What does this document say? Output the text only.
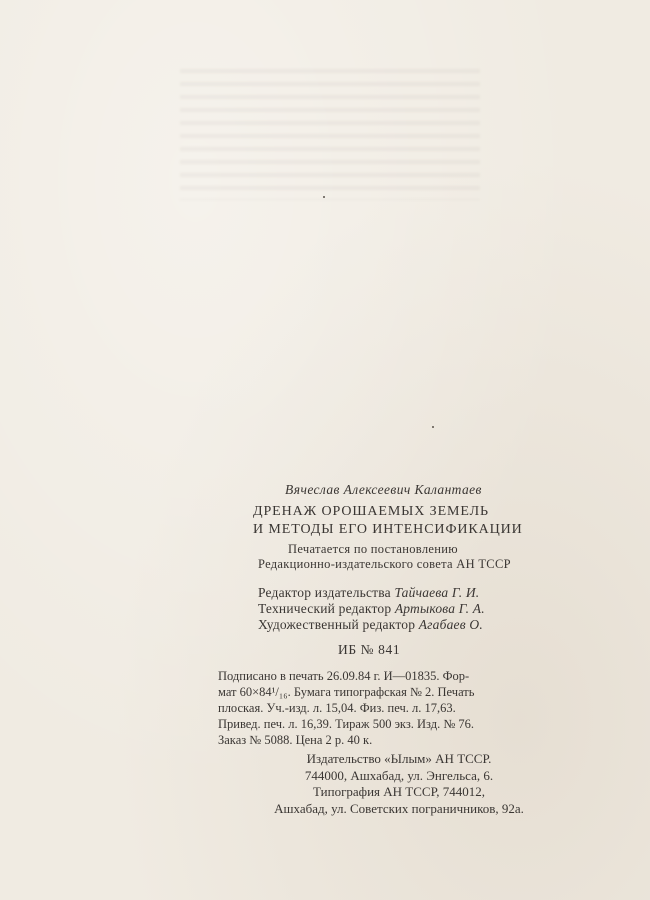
Вячеслав Алексеевич Калантаев
ДРЕНАЖ ОРОШАЕМЫХ ЗЕМЕЛЬ
И МЕТОДЫ ЕГО ИНТЕНСИФИКАЦИИ
Печатается по постановлению
Редакционно-издательского совета АН ТССР
Редактор издательства Тайчаева Г. И.
Технический редактор Артыкова Г. А.
Художественный редактор Агабаев О.
ИБ № 841
Подписано в печать 26.09.84 г. И—01835. Фор-
мат 60×84¹/₁₆. Бумага типографская № 2. Печать
плоская. Уч.-изд. л. 15,04. Физ. печ. л. 17,63.
Привед. печ. л. 16,39. Тираж 500 экз. Изд. № 76.
Заказ № 5088. Цена 2 р. 40 к.
Издательство «Ылым» АН ТССР.
744000, Ашхабад, ул. Энгельса, 6.
Типография АН ТССР, 744012,
Ашхабад, ул. Советских пограничников, 92а.
